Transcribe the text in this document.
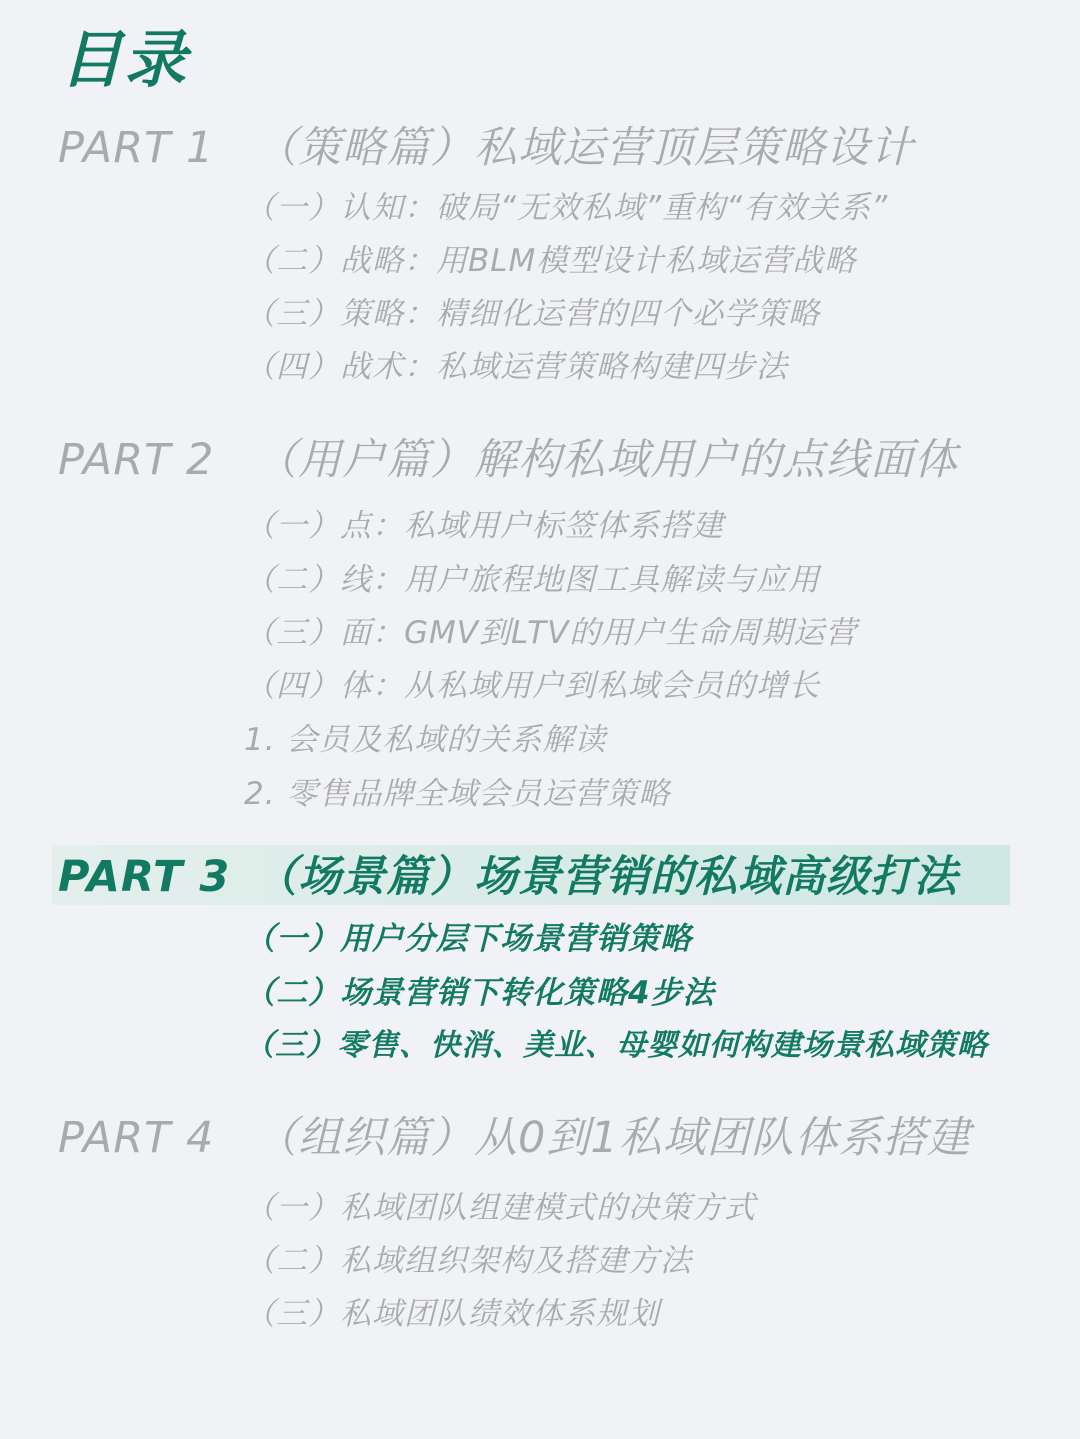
目录
PART 1 （策略篇）私域运营顶层策略设计
（一）认知：破局“无效私域”重构“有效关系”
（二）战略：用BLM模型设计私域运营战略
（三）策略：精细化运营的四个必学策略
（四）战术：私域运营策略构建四步法
PART 2 （用户篇）解构私域用户的点线面体
（一）点：私域用户标签体系搭建
（二）线：用户旅程地图工具解读与应用
（三）面：GMV到LTV的用户生命周期运营
（四）体：从私域用户到私域会员的增长
1. 会员及私域的关系解读
2. 零售品牌全域会员运营策略
PART 3 （场景篇）场景营销的私域高级打法
（一）用户分层下场景营销策略
（二）场景营销下转化策略4步法
（三）零售、快消、美业、母婴如何构建场景私域策略
PART 4 （组织篇）从0到1私域团队体系搭建
（一）私域团队组建模式的决策方式
（二）私域组织架构及搭建方法
（三）私域团队绩效体系规划
